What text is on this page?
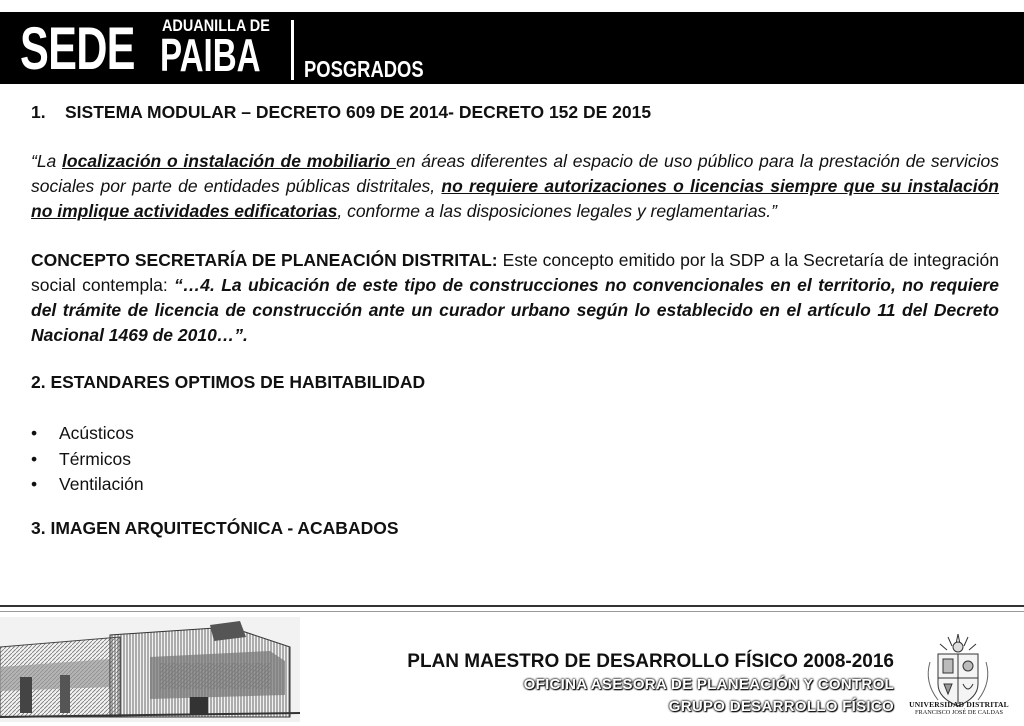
SEDE ADUANILLA DE
PAIBA POSGRADOS

1. SISTEMA MODULAR – DECRETO 609 DE 2014- DECRETO 152 DE 2015

“La localización o instalación de mobiliario en áreas diferentes al espacio de uso público para la prestación de servicios sociales por parte de entidades públicas distritales, no requiere autorizaciones o licencias siempre que su instalación no implique actividades edificatorias, conforme a las disposiciones legales y reglamentarias.”

CONCEPTO SECRETARÍA DE PLANEACIÓN DISTRITAL: Este concepto emitido por la SDP a la Secretaría de integración social contempla: “…4. La ubicación de este tipo de construcciones no convencionales en el territorio, no requiere del trámite de licencia de construcción ante un curador urbano según lo establecido en el artículo 11 del Decreto Nacional 1469 de 2010…”.

2. ESTANDARES OPTIMOS DE HABITABILIDAD

• Acústicos
• Térmicos
• Ventilación

3. IMAGEN ARQUITECTÓNICA - ACABADOS

PLAN MAESTRO DE DESARROLLO FÍSICO 2008-2016
OFICINA ASESORA DE PLANEACIÓN Y CONTROL
GRUPO DESARROLLO FÍSICO UNIVERSIDAD DISTRITAL
FRANCISCO JOSÉ DE CALDAS
